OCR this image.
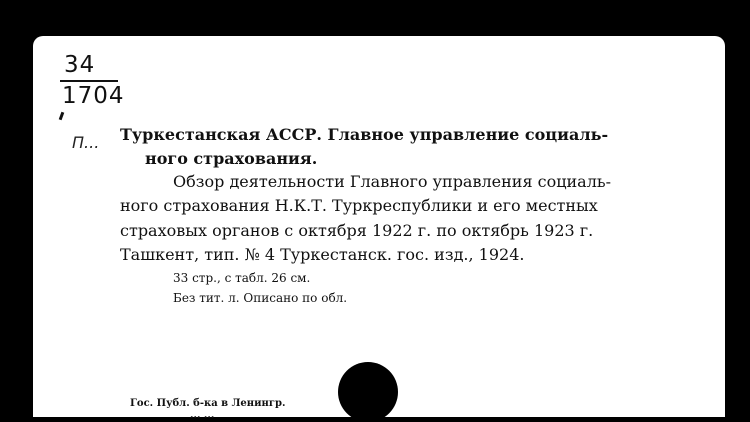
34
1704
П... Туркестанская АССР. Главное управление социаль-
ного страхования.
Обзор деятельности Главного управления социаль-
ного страхования Н.К.Т. Туркреспублики и его местных
страховых органов с октября 1922 г. по октябрь 1923 г.
Ташкент, тип. № 4 Туркестанск. гос. изд., 1924.
33 стр., с табл. 26 см.
Без тит. л. Описано по обл.
Гос. Публ. б-ка в Ленингр.
... ...
